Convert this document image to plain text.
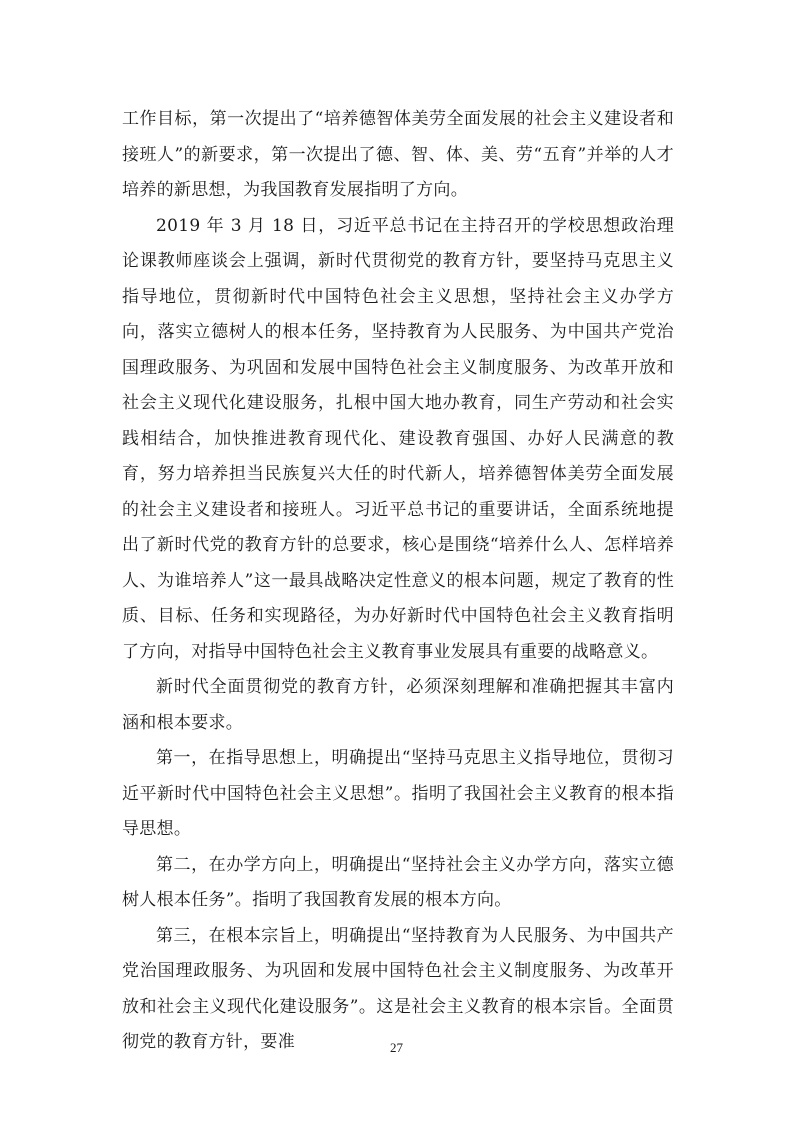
工作目标，第一次提出了“培养德智体美劳全面发展的社会主义建设者和接班人”的新要求，第一次提出了德、智、体、美、劳“五育”并举的人才培养的新思想，为我国教育发展指明了方向。

2019 年 3 月 18 日，习近平总书记在主持召开的学校思想政治理论课教师座谈会上强调，新时代贯彻党的教育方针，要坚持马克思主义指导地位，贯彻新时代中国特色社会主义思想，坚持社会主义办学方向，落实立德树人的根本任务，坚持教育为人民服务、为中国共产党治国理政服务、为巩固和发展中国特色社会主义制度服务、为改革开放和社会主义现代化建设服务，扎根中国大地办教育，同生产劳动和社会实践相结合，加快推进教育现代化、建设教育强国、办好人民满意的教育，努力培养担当民族复兴大任的时代新人，培养德智体美劳全面发展的社会主义建设者和接班人。习近平总书记的重要讲话，全面系统地提出了新时代党的教育方针的总要求，核心是围绕“培养什么人、怎样培养人、为谁培养人”这一最具战略决定性意义的根本问题，规定了教育的性质、目标、任务和实现路径，为办好新时代中国特色社会主义教育指明了方向，对指导中国特色社会主义教育事业发展具有重要的战略意义。

新时代全面贯彻党的教育方针，必须深刻理解和准确把握其丰富内涵和根本要求。

第一，在指导思想上，明确提出“坚持马克思主义指导地位，贯彻习近平新时代中国特色社会主义思想”。指明了我国社会主义教育的根本指导思想。

第二，在办学方向上，明确提出“坚持社会主义办学方向，落实立德树人根本任务”。指明了我国教育发展的根本方向。

第三，在根本宗旨上，明确提出“坚持教育为人民服务、为中国共产党治国理政服务、为巩固和发展中国特色社会主义制度服务、为改革开放和社会主义现代化建设服务”。这是社会主义教育的根本宗旨。全面贯彻党的教育方针，要准	27
